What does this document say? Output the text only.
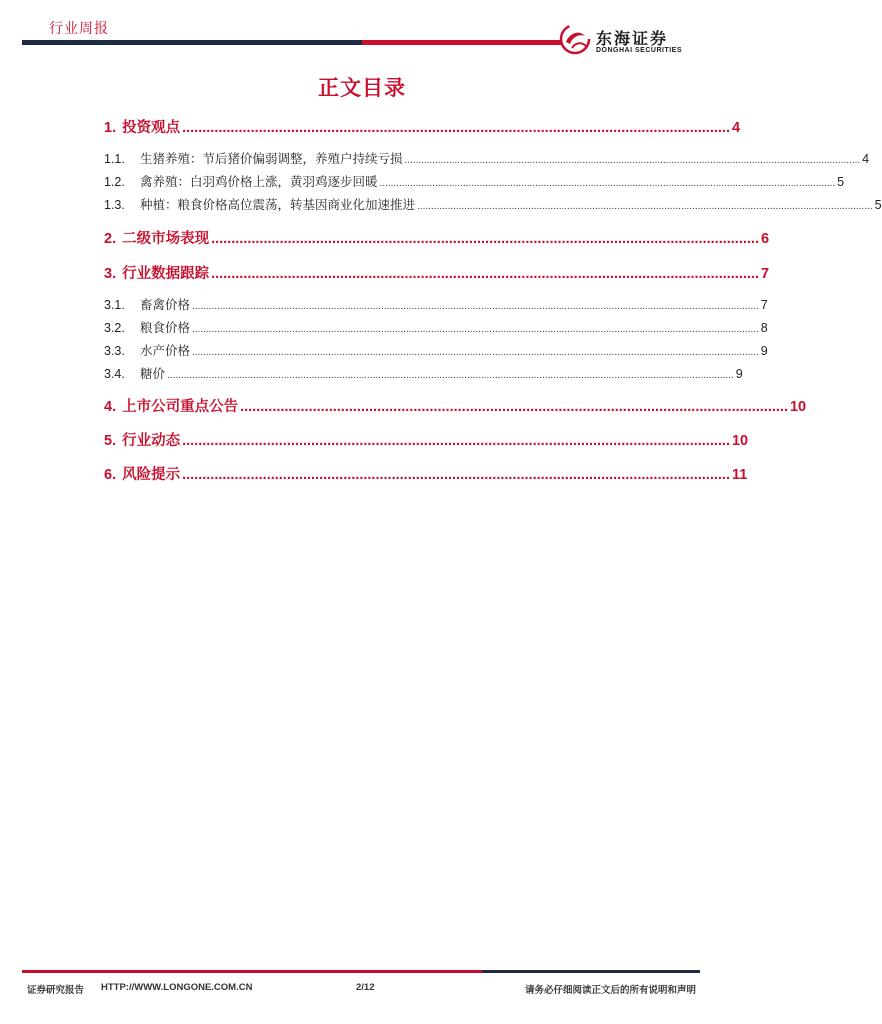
行业周报
东海证券
DONGHAI SECURITIES
正文目录
1. 投资观点 ........................................................................................................................................ 4
1.1.	生猪养殖：节后猪价偏弱调整，养殖户持续亏损 .................................................................................................................................................................... 4
1.2.	禽养殖：白羽鸡价格上涨，黄羽鸡逐步回暖 .................................................................................................................................................................... 5
1.3.	种植：粮食价格高位震荡，转基因商业化加速推进 .................................................................................................................................................................... 5
2. 二级市场表现 ........................................................................................................................................ 6
3. 行业数据跟踪 ........................................................................................................................................ 7
3.1.	畜禽价格 ............................................................................................................................................................................................................ 7
3.2.	粮食价格 ............................................................................................................................................................................................................ 8
3.3.	水产价格 ............................................................................................................................................................................................................ 9
3.4.	糖价 ............................................................................................................................................................................................................ 9
4. 上市公司重点公告 ........................................................................................................................................ 10
5. 行业动态 ........................................................................................................................................ 10
6. 风险提示 ........................................................................................................................................ 11
证券研究报告 HTTP://WWW.LONGONE.COM.CN	2/12	请务必仔细阅读正文后的所有说明和声明
